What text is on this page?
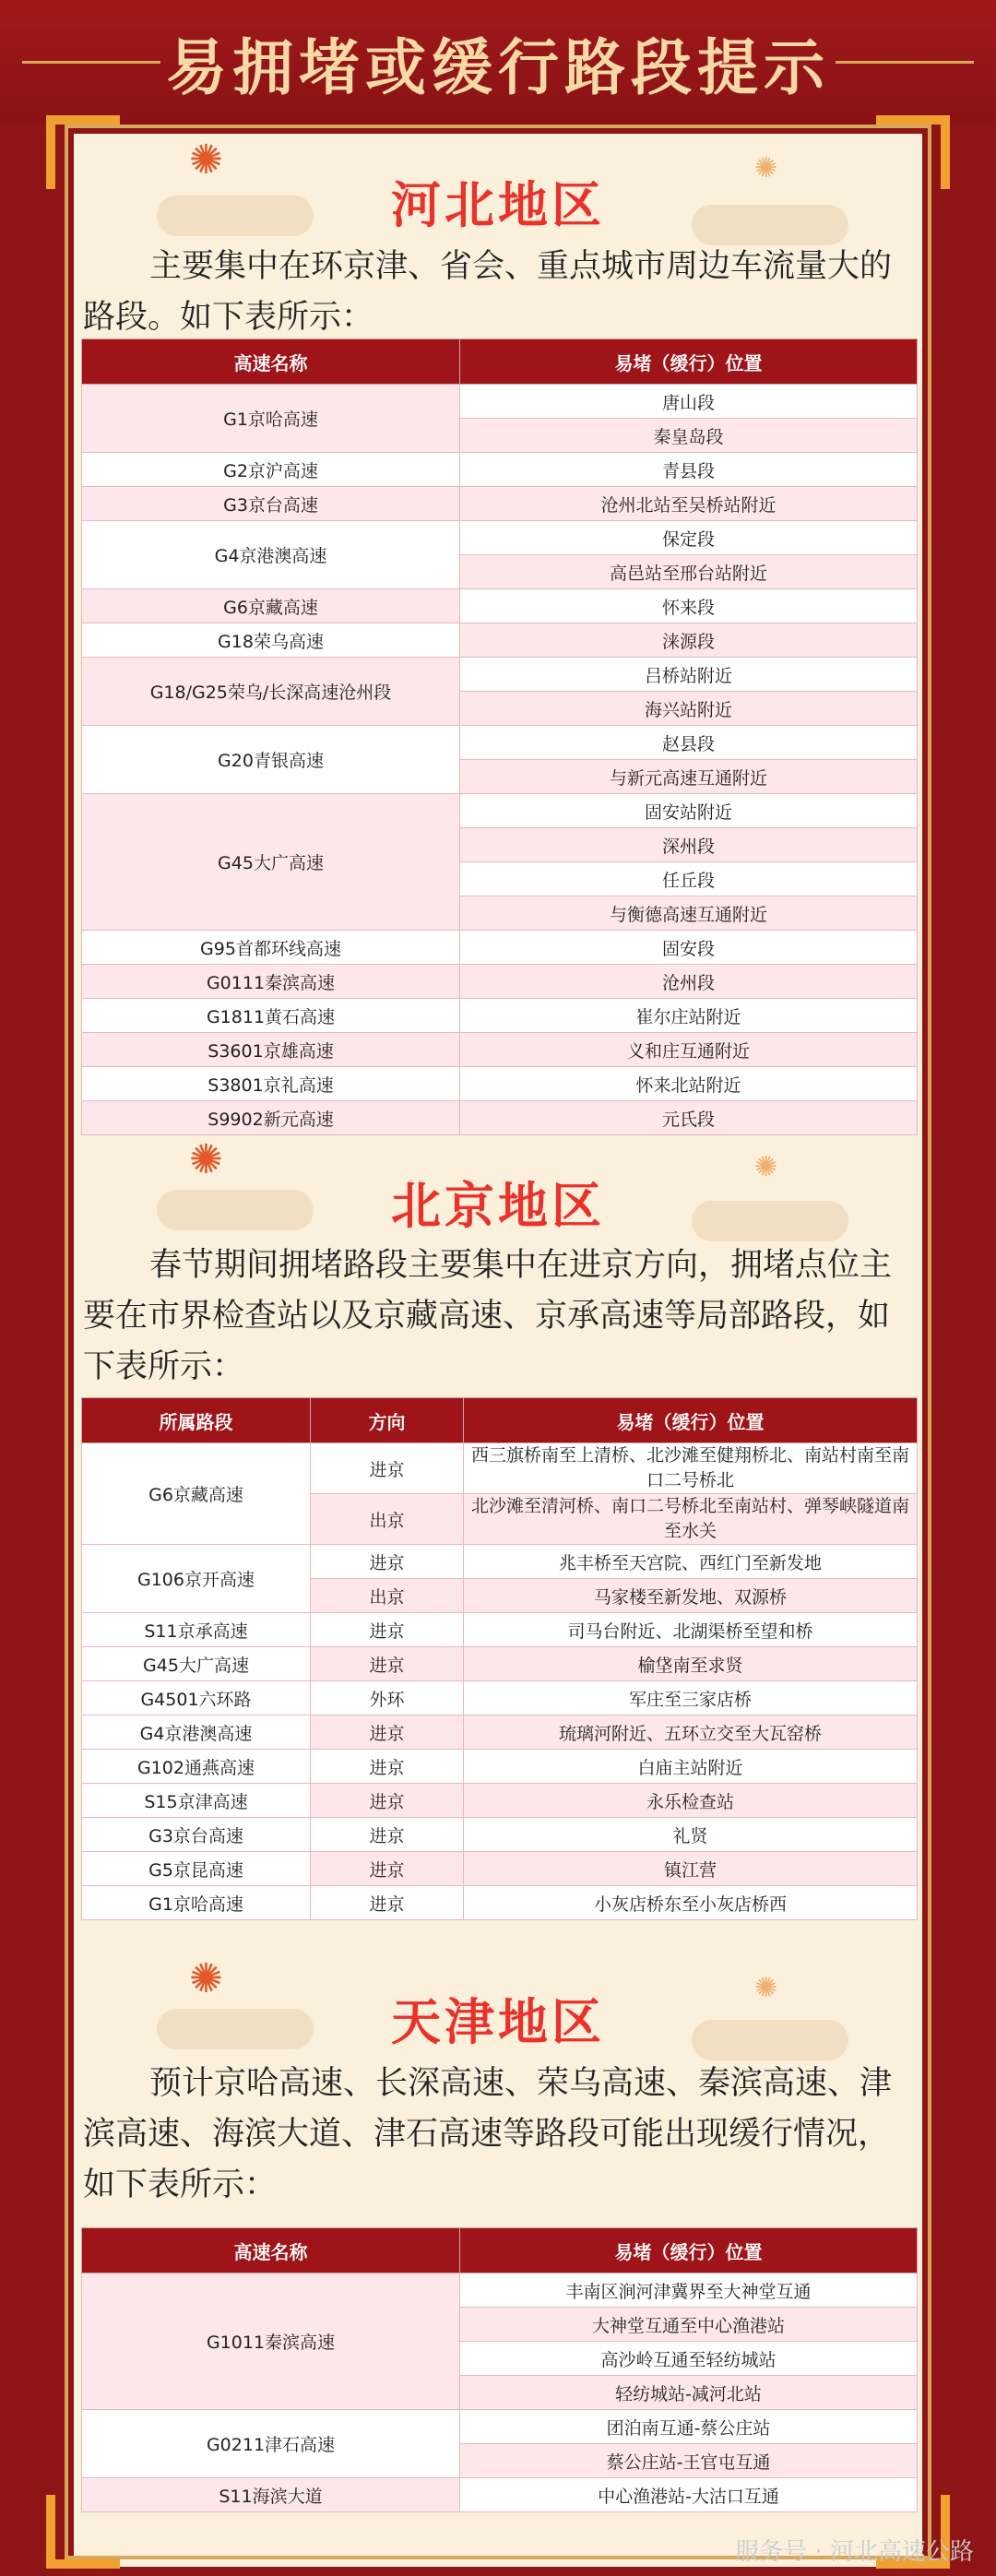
易拥堵或缓行路段提示
✺	✺
河北地区
主要集中在环京津、省会、重点城市周边车流量大的路段。如下表所示：
高速名称	易堵（缓行）位置
G1京哈高速	唐山段
	秦皇岛段
G2京沪高速	青县段
G3京台高速	沧州北站至吴桥站附近
G4京港澳高速	保定段
	高邑站至邢台站附近
G6京藏高速	怀来段
G18荣乌高速	涞源段
G18/G25荣乌/长深高速沧州段	吕桥站附近
	海兴站附近
G20青银高速	赵县段
	与新元高速互通附近
G45大广高速	固安站附近
	深州段
	任丘段
	与衡德高速互通附近
G95首都环线高速	固安段
G0111秦滨高速	沧州段
G1811黄石高速	崔尔庄站附近
S3601京雄高速	义和庄互通附近
S3801京礼高速	怀来北站附近
S9902新元高速	元氏段
✺	✺
北京地区
春节期间拥堵路段主要集中在进京方向，拥堵点位主要在市界检查站以及京藏高速、京承高速等局部路段，如下表所示：
所属路段	方向	易堵（缓行）位置
G6京藏高速	进京	西三旗桥南至上清桥、北沙滩至健翔桥北、南站村南至南口二号桥北
	出京	北沙滩至清河桥、南口二号桥北至南站村、弹琴峡隧道南至水关
G106京开高速	进京	兆丰桥至天宫院、西红门至新发地
	出京	马家楼至新发地、双源桥
S11京承高速	进京	司马台附近、北湖渠桥至望和桥
G45大广高速	进京	榆垡南至求贤
G4501六环路	外环	军庄至三家店桥
G4京港澳高速	进京	琉璃河附近、五环立交至大瓦窑桥
G102通燕高速	进京	白庙主站附近
S15京津高速	进京	永乐检查站
G3京台高速	进京	礼贤
G5京昆高速	进京	镇江营
G1京哈高速	进京	小灰店桥东至小灰店桥西
✺	✺
天津地区
预计京哈高速、长深高速、荣乌高速、秦滨高速、津滨高速、海滨大道、津石高速等路段可能出现缓行情况，如下表所示：
高速名称	易堵（缓行）位置
G1011秦滨高速	丰南区涧河津冀界至大神堂互通
	大神堂互通至中心渔港站
	高沙岭互通至轻纺城站
	轻纺城站-减河北站
G0211津石高速	团泊南互通-蔡公庄站
	蔡公庄站-王官屯互通
S11海滨大道	中心渔港站-大沽口互通
服务号 · 河北高速公路
